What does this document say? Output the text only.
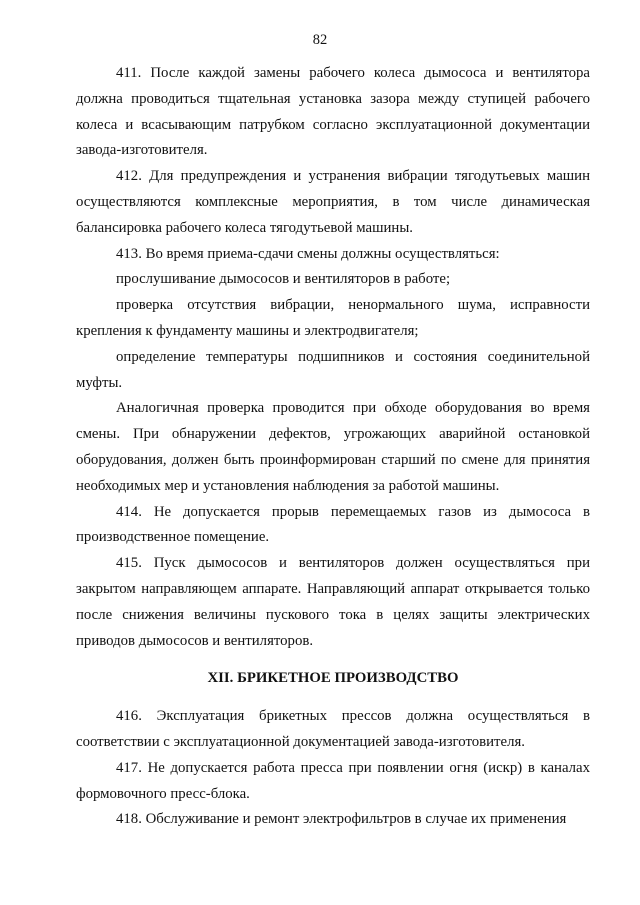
82

411. После каждой замены рабочего колеса дымососа и вентилятора должна проводиться тщательная установка зазора между ступицей рабочего колеса и всасывающим патрубком согласно эксплуатационной документации завода-изготовителя.

412. Для предупреждения и устранения вибрации тягодутьевых машин осуществляются комплексные мероприятия, в том числе динамическая балансировка рабочего колеса тягодутьевой машины.

413. Во время приема-сдачи смены должны осуществляться:

прослушивание дымососов и вентиляторов в работе;

проверка отсутствия вибрации, ненормального шума, исправности крепления к фундаменту машины и электродвигателя;

определение температуры подшипников и состояния соединительной муфты.

Аналогичная проверка проводится при обходе оборудования во время смены. При обнаружении дефектов, угрожающих аварийной остановкой оборудования, должен быть проинформирован старший по смене для принятия необходимых мер и установления наблюдения за работой машины.

414. Не допускается прорыв перемещаемых газов из дымососа в производственное помещение.

415. Пуск дымососов и вентиляторов должен осуществляться при закрытом направляющем аппарате. Направляющий аппарат открывается только после снижения величины пускового тока в целях защиты электрических приводов дымососов и вентиляторов.

XII. БРИКЕТНОЕ ПРОИЗВОДСТВО

416. Эксплуатация брикетных прессов должна осуществляться в соответствии с эксплуатационной документацией завода-изготовителя.

417. Не допускается работа пресса при появлении огня (искр) в каналах формовочного пресс-блока.

418. Обслуживание и ремонт электрофильтров в случае их применения
